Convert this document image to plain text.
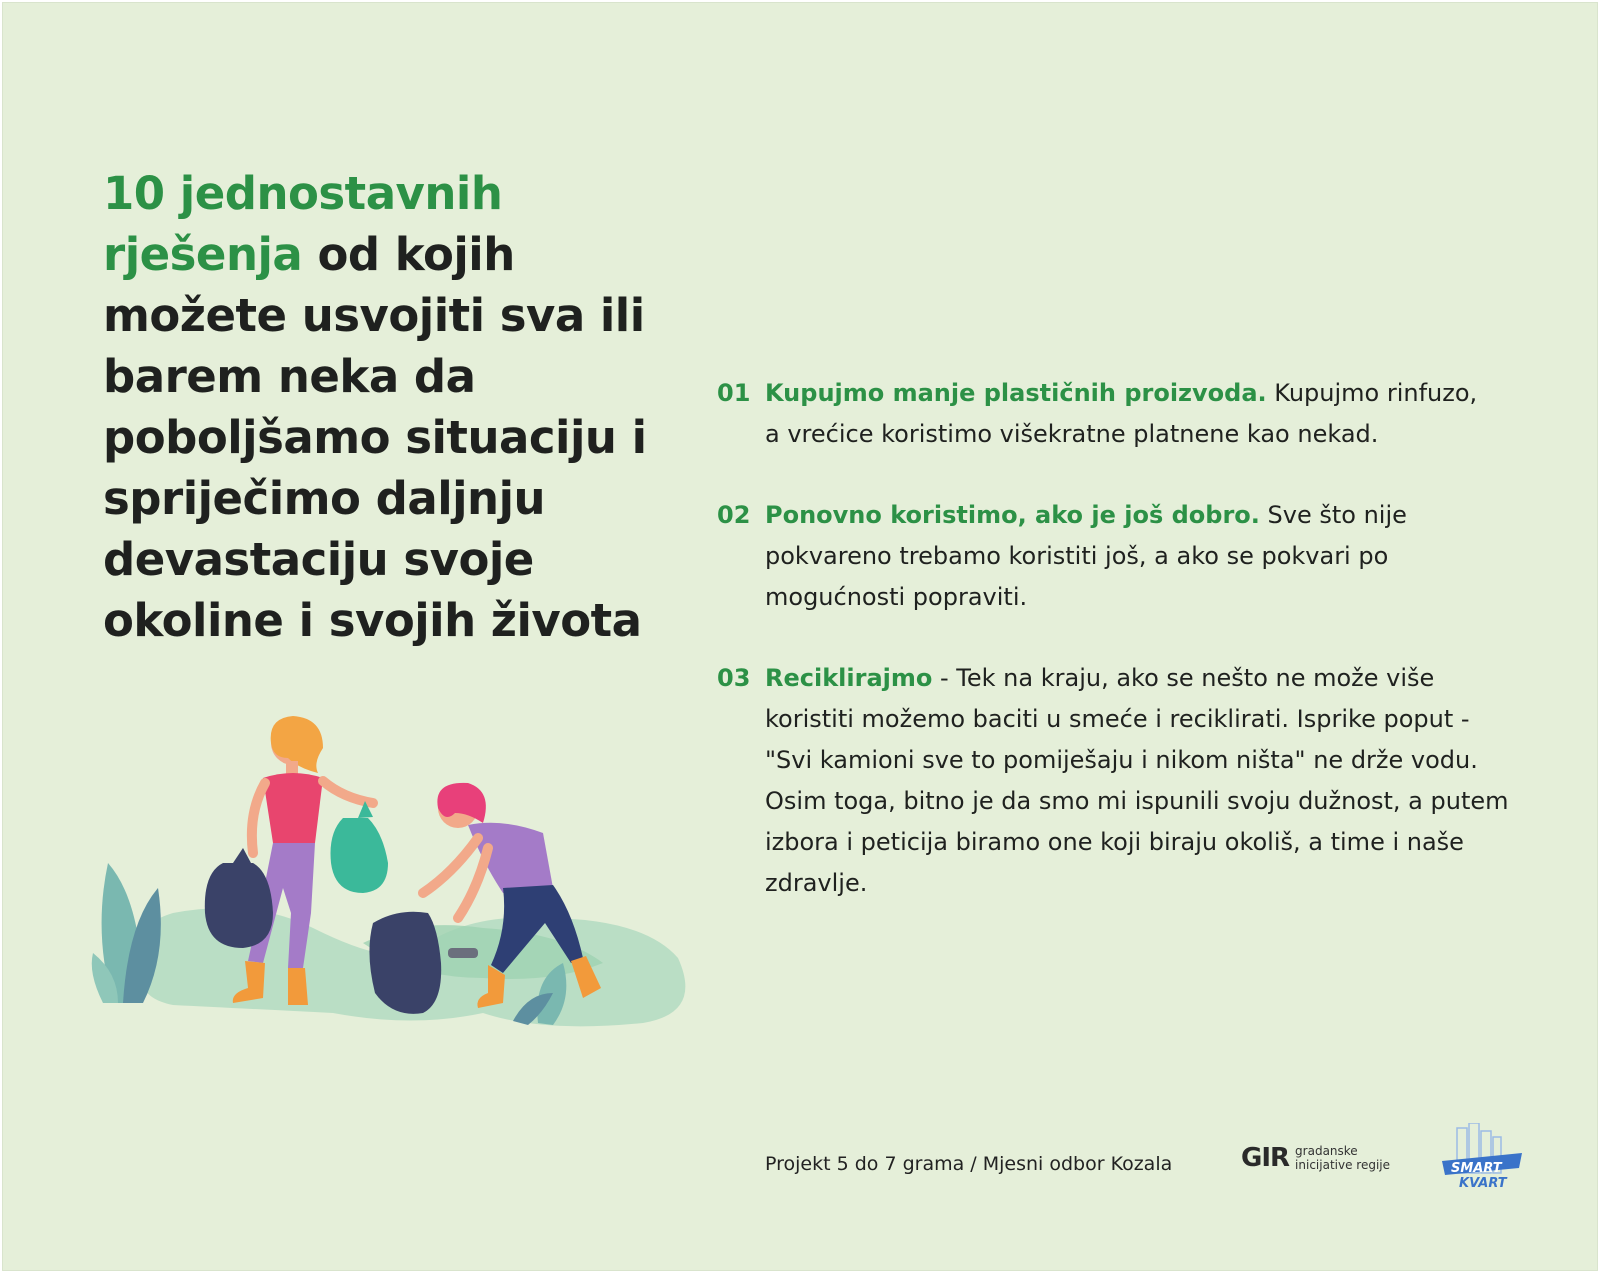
10 jednostavnih rješenja od kojih možete usvojiti sva ili barem neka da poboljšamo situaciju i spriječimo daljnju devastaciju svoje okoline i svojih života
01 Kupujmo manje plastičnih proizvoda. Kupujmo rinfuzo, a vrećice koristimo višekratne platnene kao nekad.
02 Ponovno koristimo, ako je još dobro. Sve što nije pokvareno trebamo koristiti još, a ako se pokvari po mogućnosti popraviti.
03 Reciklirajmo - Tek na kraju, ako se nešto ne može više koristiti možemo baciti u smeće i reciklirati. Isprike poput - "Svi kamioni sve to pomiješaju i nikom ništa" ne drže vodu. Osim toga, bitno je da smo mi ispunili svoju dužnost, a putem izbora i peticija biramo one koji biraju okoliš, a time i naše zdravlje.
Projekt 5 do 7 grama / Mjesni odbor Kozala	GIR gradanske
inicijative regije	SMART
KVART
